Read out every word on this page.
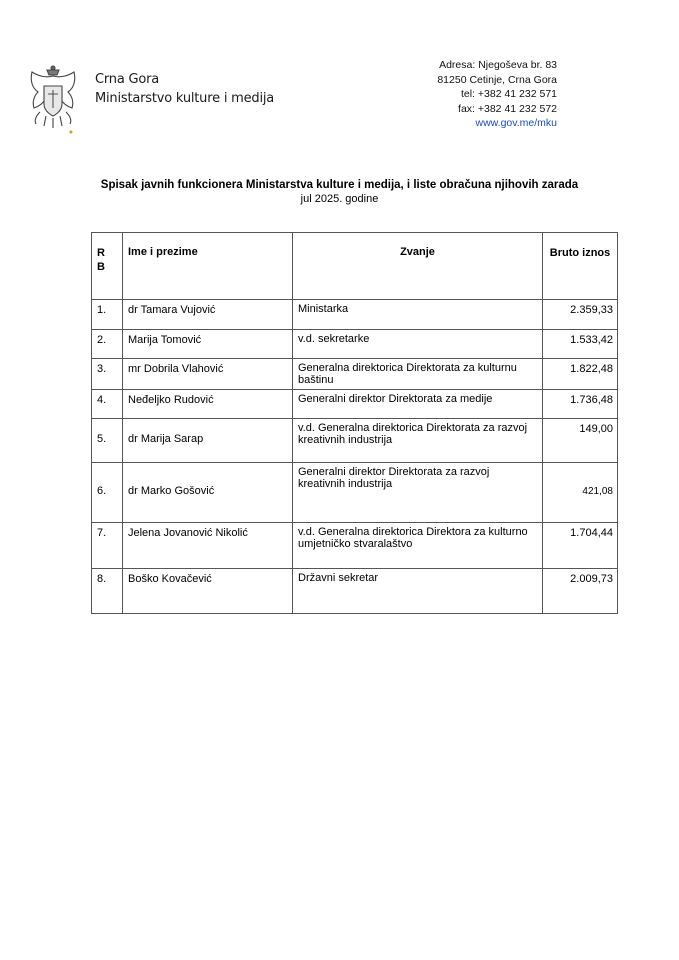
Crna Gora
Ministarstvo kulture i medija
Adresa: Njegoševa br. 83
81250 Cetinje, Crna Gora
tel: +382 41 232 571
fax: +382 41 232 572
www.gov.me/mku
Spisak javnih funkcionera Ministarstva kulture i medija, i liste obračuna njihovih zarada
jul 2025. godine
R B	Ime i prezime	Zvanje	Bruto iznos

1.	dr Tamara Vujović	Ministarka	2.359,33
2.	Marija Tomović	v.d. sekretarke	1.533,42
3.	mr Dobrila Vlahović	Generalna direktorica Direktorata za kulturnu baštinu	1.822,48
4.	Neđeljko Rudović	Generalni direktor Direktorata za medije	1.736,48
5.	dr Marija Sarap	v.d. Generalna direktorica Direktorata za razvoj kreativnih industrija	149,00
6.	dr Marko Gošović	Generalni direktor Direktorata za razvoj kreativnih industrija	421,08
7.	Jelena Jovanović Nikolić	v.d. Generalna direktorica Direktora za kulturno umjetničko stvaralaštvo	1.704,44
8.	Boško Kovačević	Državni sekretar	2.009,73
